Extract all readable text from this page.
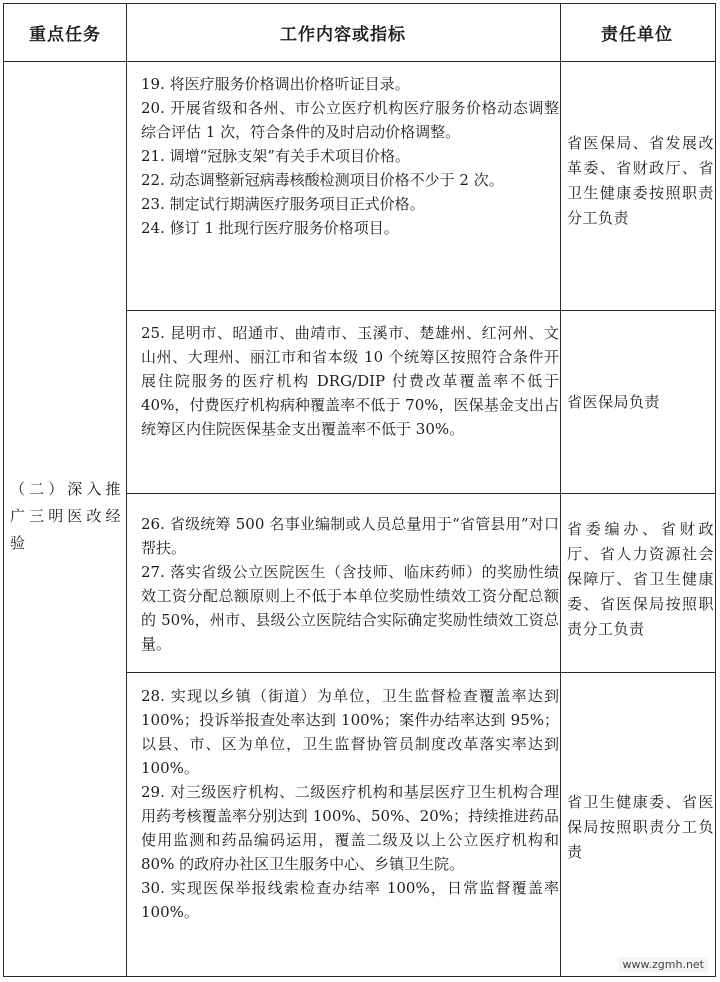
重点任务	工作内容或指标	责任单位
（二）深入推广三明医改经验

19. 将医疗服务价格调出价格听证目录。

20. 开展省级和各州、市公立医疗机构医疗服务价格动态调整综合评估 1 次，符合条件的及时启动价格调整。

21. 调增“冠脉支架”有关手术项目价格。

22. 动态调整新冠病毒核酸检测项目价格不少于 2 次。

23. 制定试行期满医疗服务项目正式价格。

24. 修订 1 批现行医疗服务价格项目。

省医保局、省发展改革委、省财政厅、省卫生健康委按照职责分工负责

25. 昆明市、昭通市、曲靖市、玉溪市、楚雄州、红河州、文山州、大理州、丽江市和省本级 10 个统筹区按照符合条件开展住院服务的医疗机构 DRG/DIP 付费改革覆盖率不低于 40%，付费医疗机构病种覆盖率不低于 70%，医保基金支出占统筹区内住院医保基金支出覆盖率不低于 30%。

省医保局负责

26. 省级统筹 500 名事业编制或人员总量用于“省管县用”对口帮扶。

27. 落实省级公立医院医生（含技师、临床药师）的奖励性绩效工资分配总额原则上不低于本单位奖励性绩效工资分配总额的 50%，州市、县级公立医院结合实际确定奖励性绩效工资总量。

省委编办、省财政厅、省人力资源社会保障厅、省卫生健康委、省医保局按照职责分工负责

28. 实现以乡镇（街道）为单位，卫生监督检查覆盖率达到 100%；投诉举报查处率达到 100%；案件办结率达到 95%；以县、市、区为单位，卫生监督协管员制度改革落实率达到 100%。

29. 对三级医疗机构、二级医疗机构和基层医疗卫生机构合理用药考核覆盖率分别达到 100%、50%、20%；持续推进药品使用监测和药品编码运用，覆盖二级及以上公立医疗机构和 80% 的政府办社区卫生服务中心、乡镇卫生院。

30. 实现医保举报线索检查办结率 100%，日常监督覆盖率 100%。

省卫生健康委、省医保局按照职责分工负责
www.zgmh.net
